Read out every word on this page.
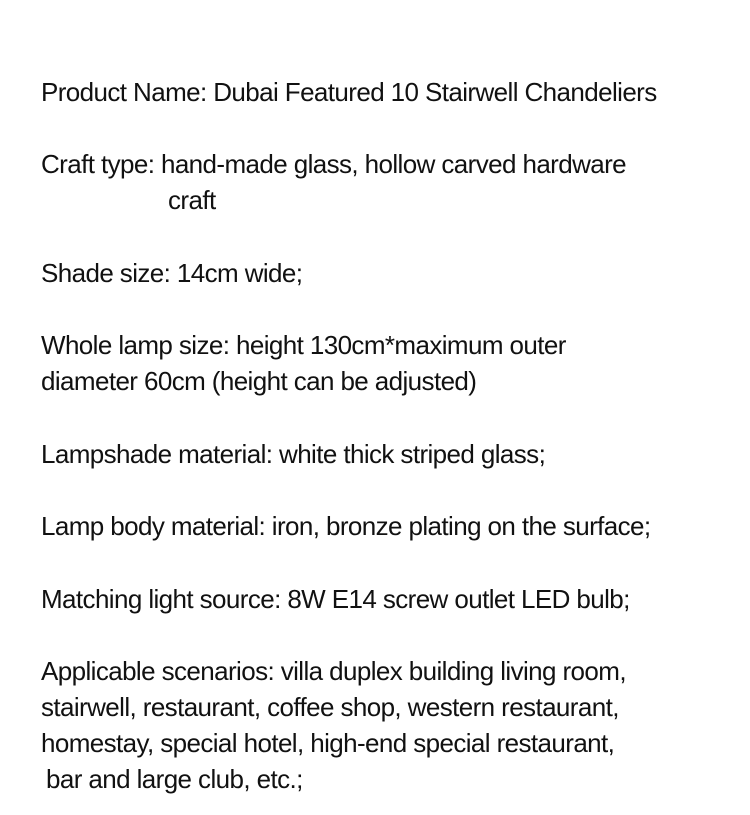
Product Name: Dubai Featured 10 Stairwell Chandeliers
Craft type: hand-made glass, hollow carved hardware
craft
Shade size: 14cm wide;
Whole lamp size: height 130cm*maximum outer
diameter 60cm (height can be adjusted)
Lampshade material: white thick striped glass;
Lamp body material: iron, bronze plating on the surface;
Matching light source: 8W E14 screw outlet LED bulb;
Applicable scenarios: villa duplex building living room,
stairwell, restaurant, coffee shop, western restaurant,
homestay, special hotel, high-end special restaurant,
bar and large club, etc.;
